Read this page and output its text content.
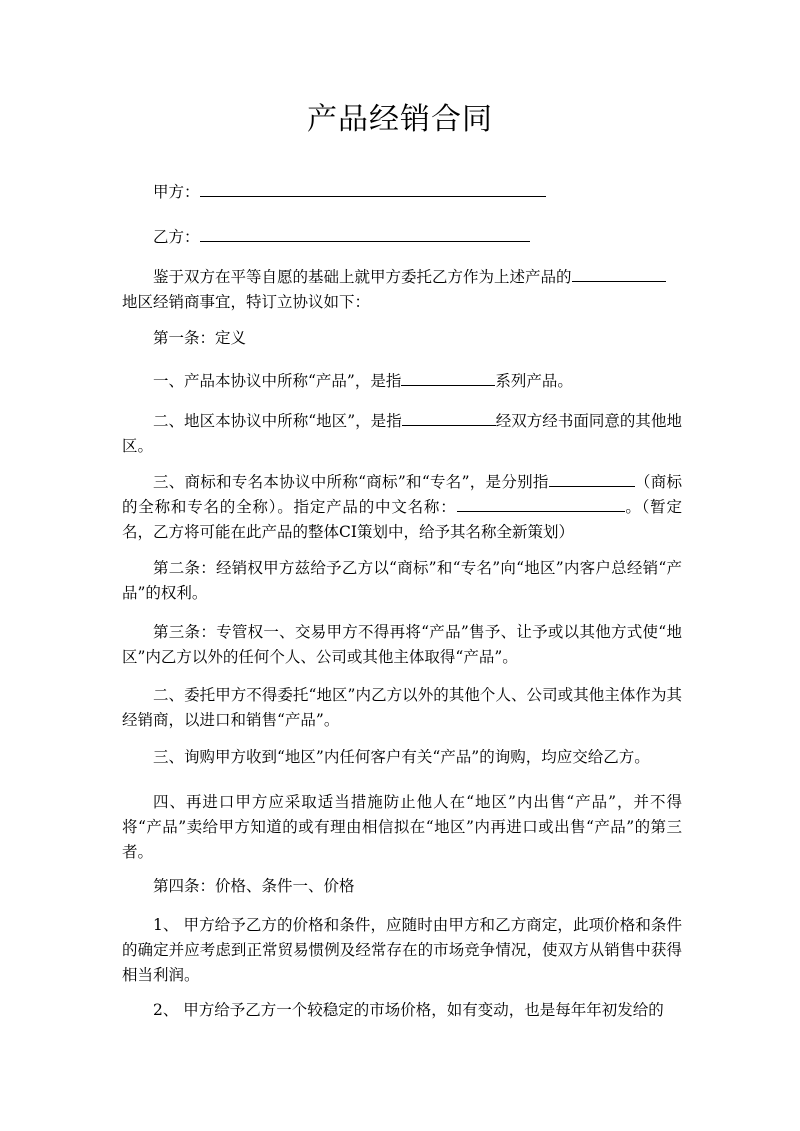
产品经销合同

甲方：

乙方：

鉴于双方在平等自愿的基础上就甲方委托乙方作为上述产品的
地区经销商事宜，特订立协议如下：

第一条：定义

一、产品本协议中所称“产品”，是指	系列产品。

二、地区本协议中所称“地区”，是指	经双方经书面同意的其他地区。

三、商标和专名本协议中所称“商标”和“专名”，是分别指	（商标的全称和专名的全称）。指定产品的中文名称：	。（暂定名，乙方将可能在此产品的整体CI策划中，给予其名称全新策划）

第二条：经销权甲方兹给予乙方以“商标”和“专名”向“地区”内客户总经销“产品”的权利。

第三条：专管权一、交易甲方不得再将“产品”售予、让予或以其他方式使“地区”内乙方以外的任何个人、公司或其他主体取得“产品”。

二、委托甲方不得委托“地区”内乙方以外的其他个人、公司或其他主体作为其经销商，以进口和销售“产品”。

三、询购甲方收到“地区”内任何客户有关“产品”的询购，均应交给乙方。

四、再进口甲方应采取适当措施防止他人在“地区”内出售“产品”，并不得将“产品”卖给甲方知道的或有理由相信拟在“地区”内再进口或出售“产品”的第三者。

第四条：价格、条件一、价格

1、 甲方给予乙方的价格和条件，应随时由甲方和乙方商定，此项价格和条件的确定并应考虑到正常贸易惯例及经常存在的市场竞争情况，使双方从销售中获得相当利润。

2、 甲方给予乙方一个较稳定的市场价格，如有变动，也是每年年初发给的
